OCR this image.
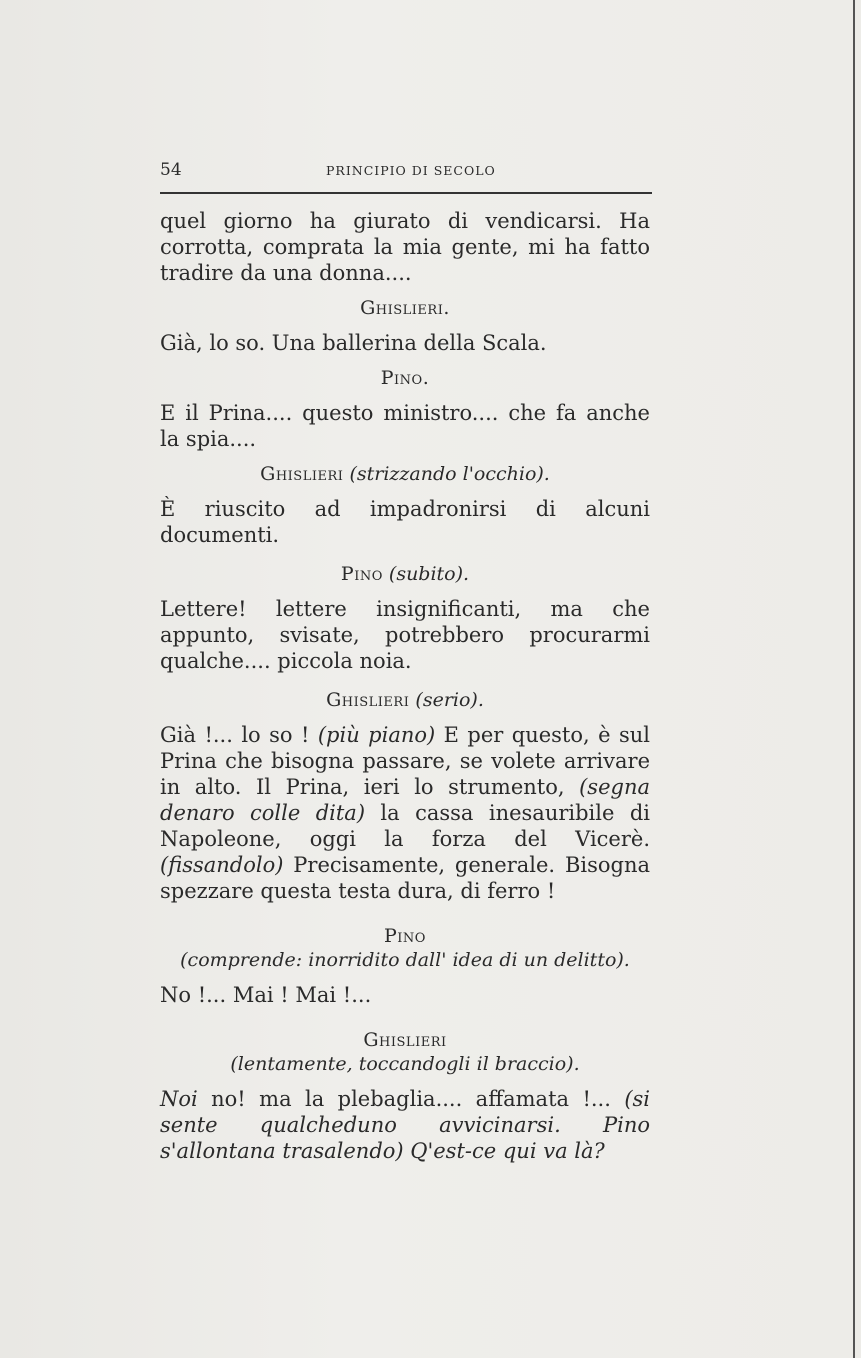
54	PRINCIPIO DI SECOLO

quel giorno ha giurato di vendicarsi. Ha corrotta, comprata la mia gente, mi ha fatto tradire da una donna....

Ghislieri.

Già, lo so. Una ballerina della Scala.

Pino.

E il Prina.... questo ministro.... che fa anche la spia....

Ghislieri (strizzando l'occhio).

È riuscito ad impadronirsi di alcuni documenti.

Pino (subito).

Lettere! lettere insignificanti, ma che appunto, svisate, potrebbero procurarmi qualche.... piccola noia.

Ghislieri (serio).

Già !... lo so ! (più piano) E per questo, è sul Prina che bisogna passare, se volete arrivare in alto. Il Prina, ieri lo strumento, (segna denaro colle dita) la cassa inesauribile di Napoleone, oggi la forza del Vicerè. (fissandolo) Precisamente, generale. Bisogna spezzare questa testa dura, di ferro !

Pino

(comprende: inorridito dall' idea di un delitto).

No !... Mai ! Mai !...

Ghislieri

(lentamente, toccandogli il braccio).

Noi no! ma la plebaglia.... affamata !... (si sente qualcheduno avvicinarsi. Pino s'allontana trasalendo) Q'est-ce qui va là?
